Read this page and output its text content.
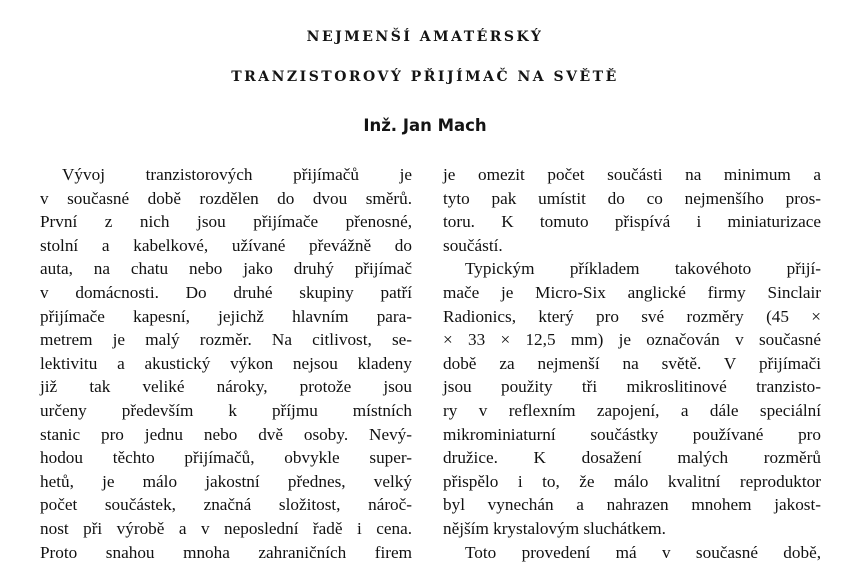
NEJMENŠÍ AMATÉRSKÝ
TRANZISTOROVÝ PŘIJÍMAČ NA SVĚTĚ
Inž. Jan Mach
Vývoj tranzistorových přijímačů je
v současné době rozdělen do dvou směrů.
První z nich jsou přijímače přenosné,
stolní a kabelkové, užívané převážně do
auta, na chatu nebo jako druhý přijímač
v domácnosti. Do druhé skupiny patří
přijímače kapesní, jejichž hlavním para-
metrem je malý rozměr. Na citlivost, se-
lektivitu a akustický výkon nejsou kladeny
již tak veliké nároky, protože jsou
určeny především k příjmu místních
stanic pro jednu nebo dvě osoby. Nevý-
hodou těchto přijímačů, obvykle super-
hetů, je málo jakostní přednes, velký
počet součástek, značná složitost, nároč-
nost při výrobě a v neposlední řadě i cena.
Proto snahou mnoha zahraničních firem
je omezit počet součásti na minimum a
tyto pak umístit do co nejmenšího pros-
toru. K tomuto přispívá i miniaturizace
součástí.
Typickým příkladem takovéhoto přijí-
mače je Micro-Six anglické firmy Sinclair
Radionics, který pro své rozměry (45 ×
× 33 × 12,5 mm) je označován v současné
době za nejmenší na světě. V přijímači
jsou použity tři mikroslitinové tranzisto-
ry v reflexním zapojení, a dále speciální
mikrominiaturní součástky používané pro
družice. K dosažení malých rozměrů
přispělo i to, že málo kvalitní reproduktor
byl vynechán a nahrazen mnohem jakost-
nějším krystalovým sluchátkem.
Toto provedení má v současné době,
